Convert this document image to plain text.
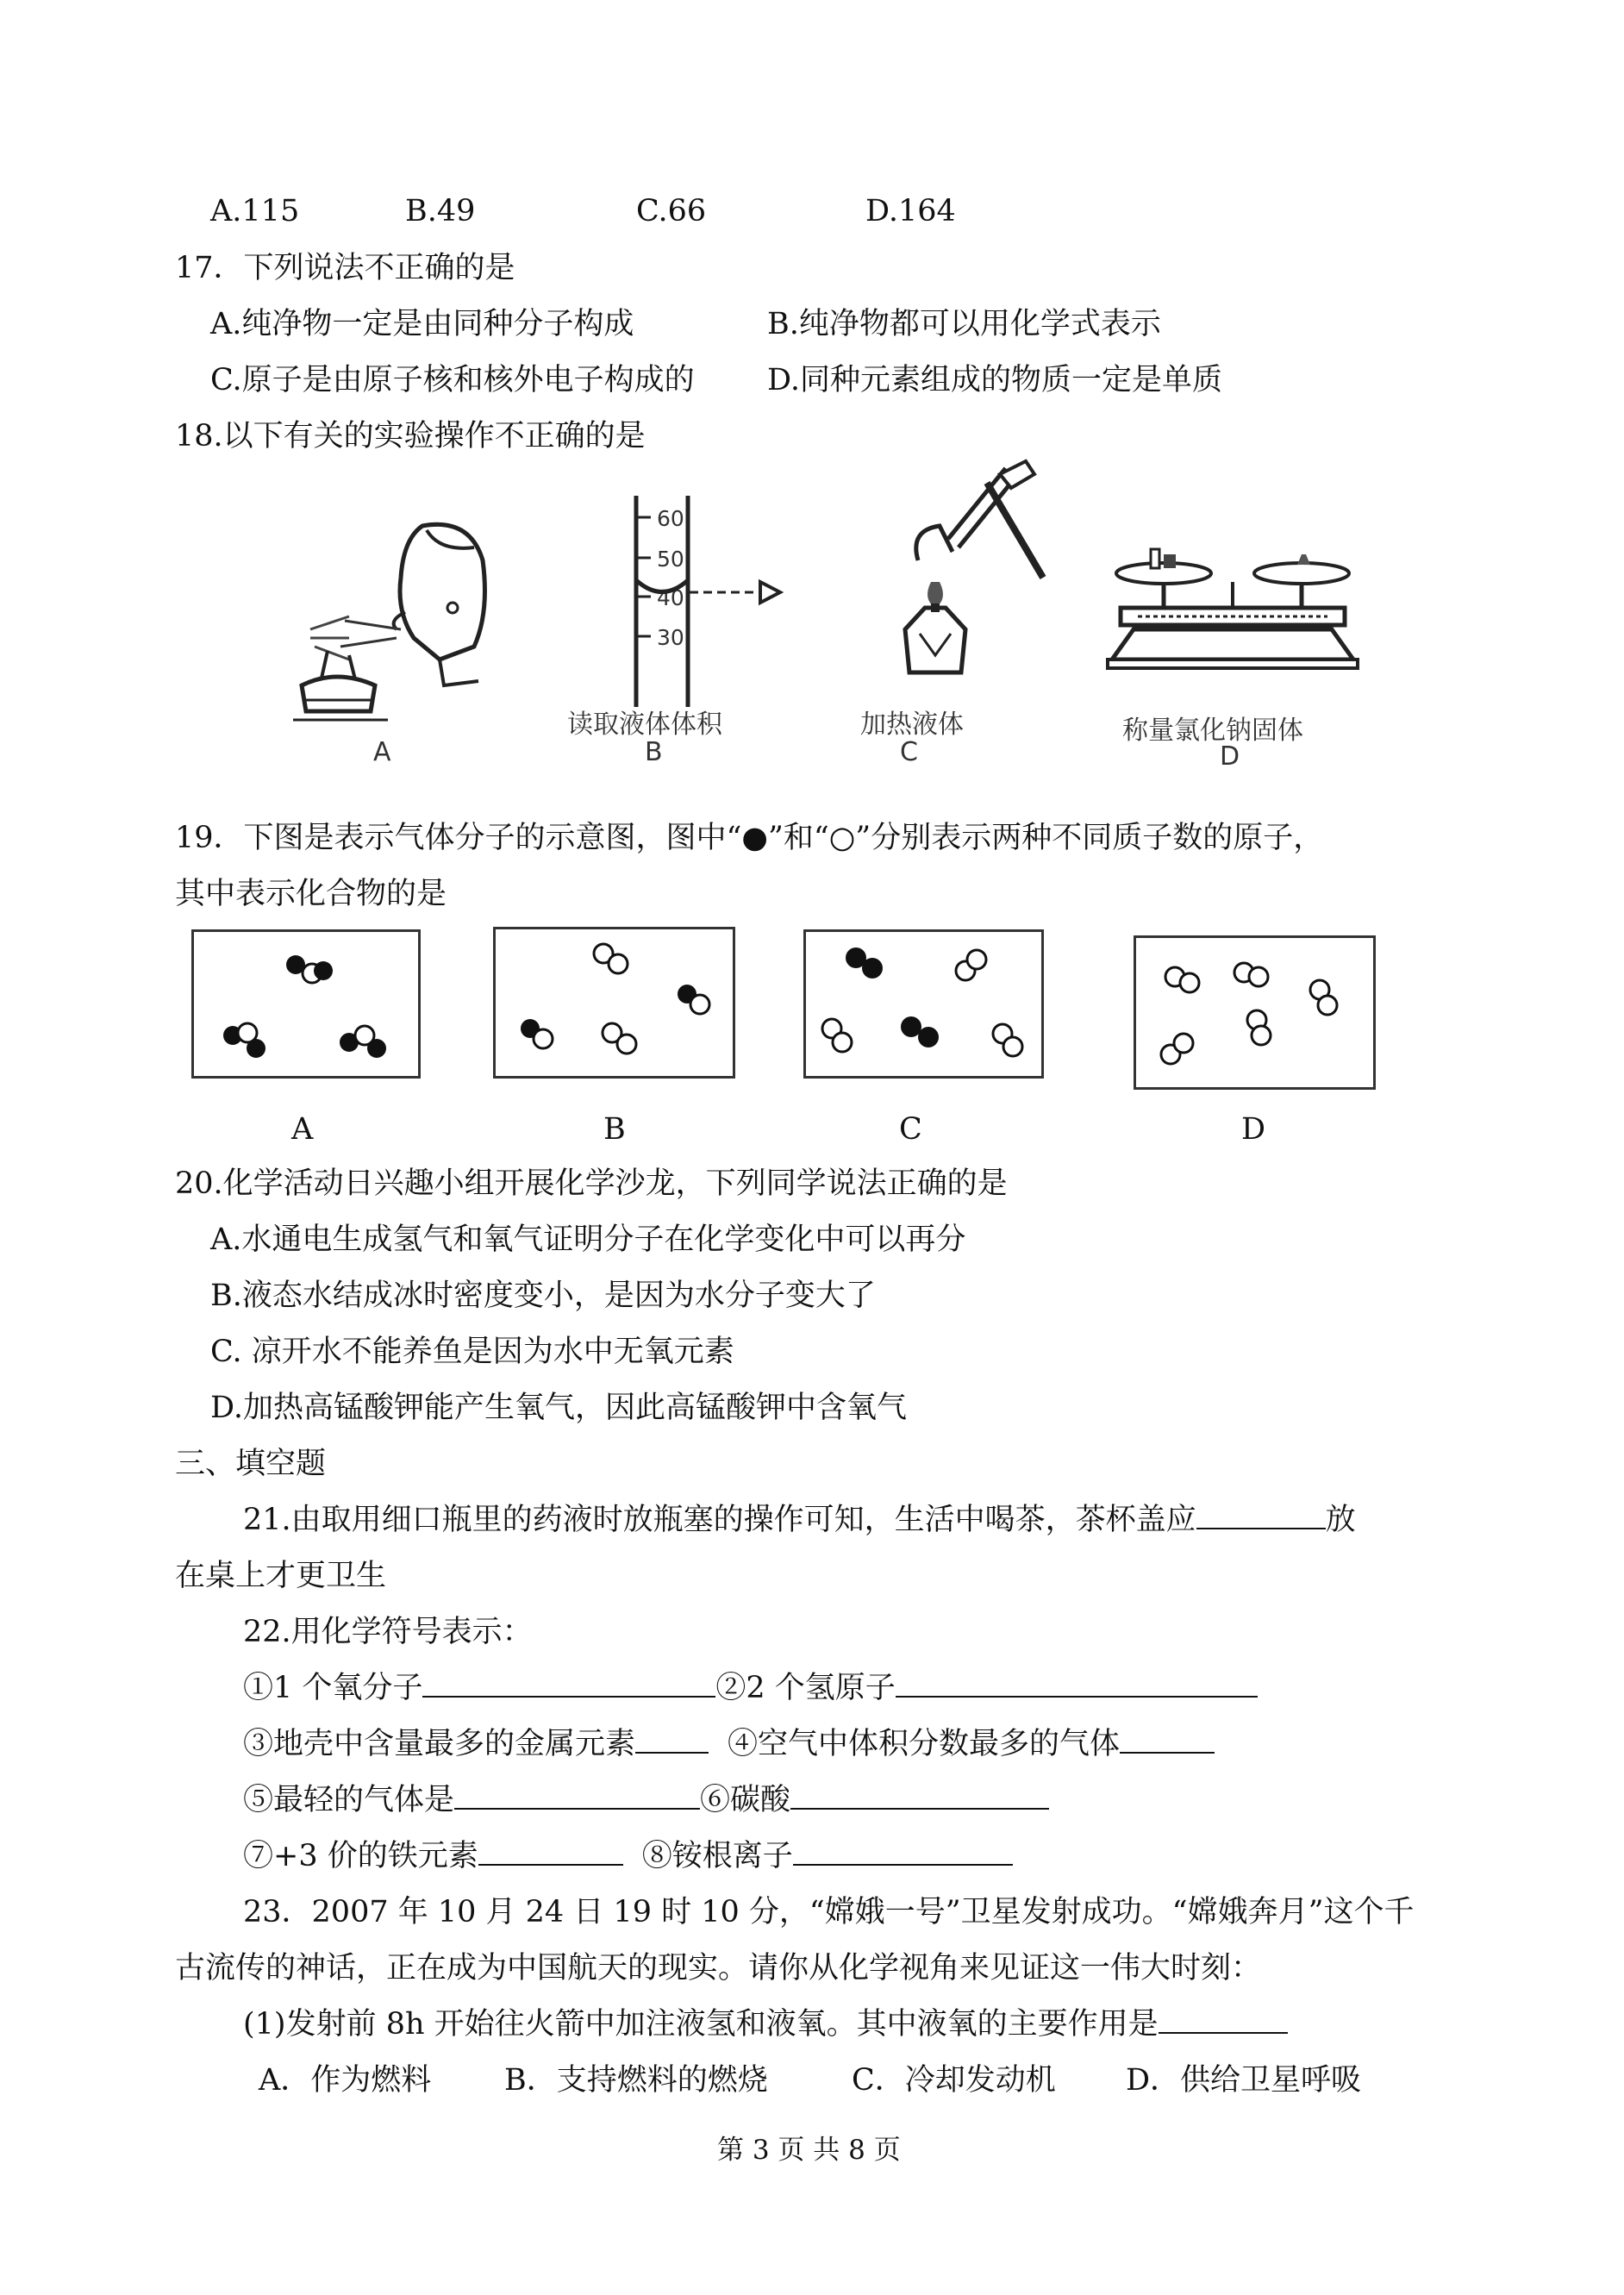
A.115	B.49	C.66	D.164
17．下列说法不正确的是
A.纯净物一定是由同种分子构成	B.纯净物都可以用化学式表示
C.原子是由原子核和核外电子构成的 D.同种元素组成的物质一定是单质
18.以下有关的实验操作不正确的是
A
60
50
40
30
读取液体体积
B
加热液体
C
称量氯化钠固体
D
19．下图是表示气体分子的示意图，图中“●”和“○”分别表示两种不同质子数的原子，
其中表示化合物的是
A	B	C	D
20.化学活动日兴趣小组开展化学沙龙，下列同学说法正确的是
A.水通电生成氢气和氧气证明分子在化学变化中可以再分
B.液态水结成冰时密度变小，是因为水分子变大了
C. 凉开水不能养鱼是因为水中无氧元素
D.加热高锰酸钾能产生氧气，因此高锰酸钾中含氧气
三、填空题
21.由取用细口瓶里的药液时放瓶塞的操作可知，生活中喝茶，茶杯盖应	放
在桌上才更卫生
22.用化学符号表示：
①1 个氧分子	②2 个氢原子
③地壳中含量最多的金属元素	④空气中体积分数最多的气体
⑤最轻的气体是	⑥碳酸
⑦+3 价的铁元素	⑧铵根离子
23．2007 年 10 月 24 日 19 时 10 分，“嫦娥一号”卫星发射成功。“嫦娥奔月”这个千
古流传的神话，正在成为中国航天的现实。请你从化学视角来见证这一伟大时刻：
(1)发射前 8h 开始往火箭中加注液氢和液氧。其中液氧的主要作用是
A．作为燃料 B．支持燃料的燃烧	C．冷却发动机 D．供给卫星呼吸
第 3 页 共 8 页
